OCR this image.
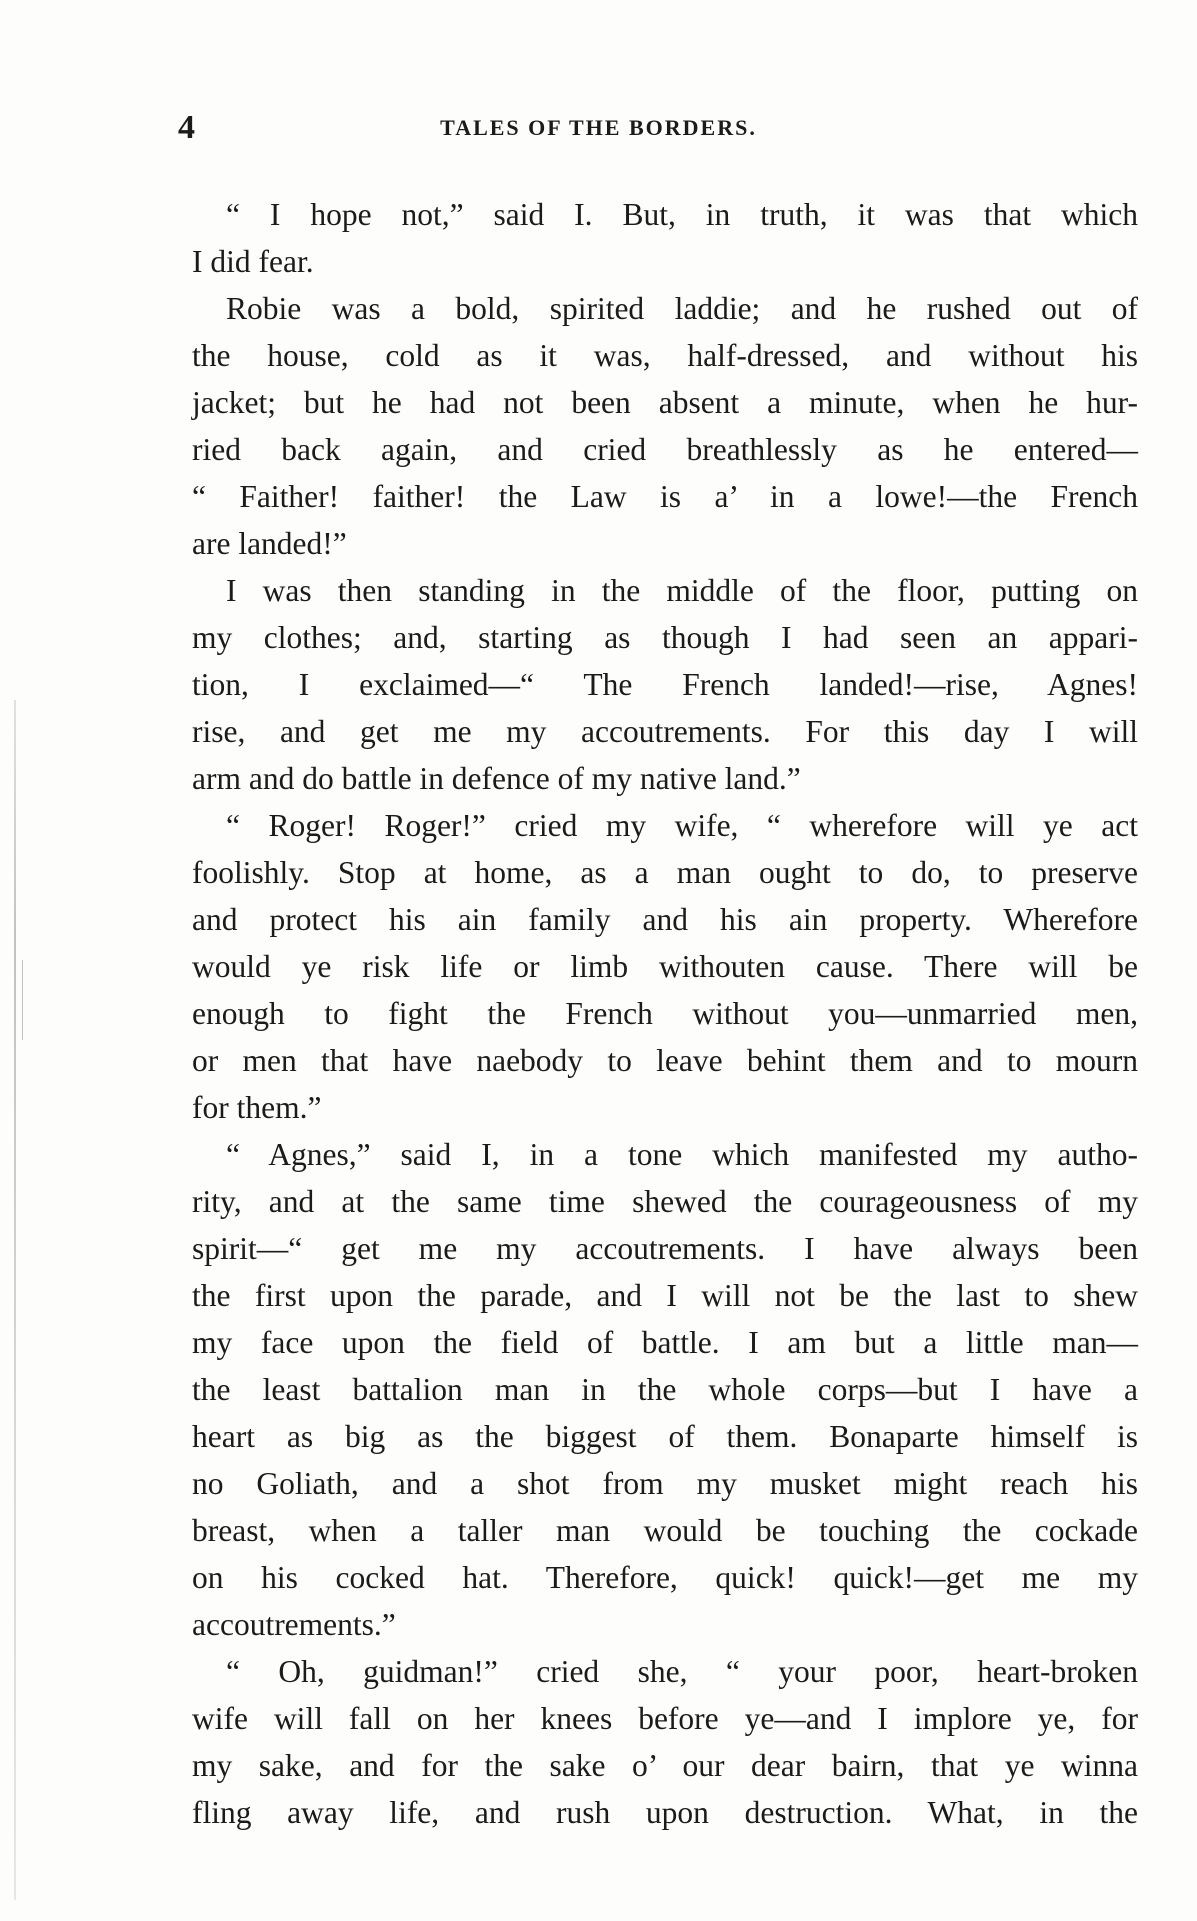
4	TALES OF THE BORDERS.
“ I hope not,” said I. But, in truth, it was that which
I did fear.
Robie was a bold, spirited laddie; and he rushed out of
the house, cold as it was, half-dressed, and without his
jacket; but he had not been absent a minute, when he hur-
ried back again, and cried breathlessly as he entered—
“ Faither! faither! the Law is a’ in a lowe!—the French
are landed!”
I was then standing in the middle of the floor, putting on
my clothes; and, starting as though I had seen an appari-
tion, I exclaimed—“ The French landed!—rise, Agnes!
rise, and get me my accoutrements. For this day I will
arm and do battle in defence of my native land.”
“ Roger! Roger!” cried my wife, “ wherefore will ye act
foolishly. Stop at home, as a man ought to do, to preserve
and protect his ain family and his ain property. Wherefore
would ye risk life or limb withouten cause. There will be
enough to fight the French without you—unmarried men,
or men that have naebody to leave behint them and to mourn
for them.”
“ Agnes,” said I, in a tone which manifested my autho-
rity, and at the same time shewed the courageousness of my
spirit—“ get me my accoutrements. I have always been
the first upon the parade, and I will not be the last to shew
my face upon the field of battle. I am but a little man—
the least battalion man in the whole corps—but I have a
heart as big as the biggest of them. Bonaparte himself is
no Goliath, and a shot from my musket might reach his
breast, when a taller man would be touching the cockade
on his cocked hat. Therefore, quick! quick!—get me my
accoutrements.”
“ Oh, guidman!” cried she, “ your poor, heart-broken
wife will fall on her knees before ye—and I implore ye, for
my sake, and for the sake o’ our dear bairn, that ye winna
fling away life, and rush upon destruction. What, in the
